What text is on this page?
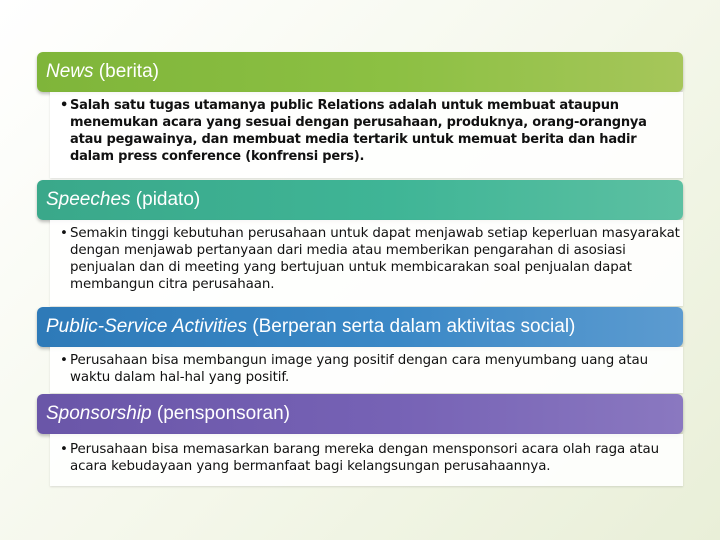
News (berita)

• Salah satu tugas utamanya public Relations adalah untuk membuat ataupun menemukan acara yang sesuai dengan perusahaan, produknya, orang-orangnya atau pegawainya, dan membuat media tertarik untuk memuat berita dan hadir dalam press conference (konfrensi pers).

Speeches (pidato)

• Semakin tinggi kebutuhan perusahaan untuk dapat menjawab setiap keperluan masyarakat dengan menjawab pertanyaan dari media atau memberikan pengarahan di asosiasi penjualan dan di meeting yang bertujuan untuk membicarakan soal penjualan dapat membangun citra perusahaan.

Public-Service Activities (Berperan serta dalam aktivitas social)

• Perusahaan bisa membangun image yang positif dengan cara menyumbang uang atau waktu dalam hal-hal yang positif.

Sponsorship (pensponsoran)

• Perusahaan bisa memasarkan barang mereka dengan mensponsori acara olah raga atau acara kebudayaan yang bermanfaat bagi kelangsungan perusahaannya.
